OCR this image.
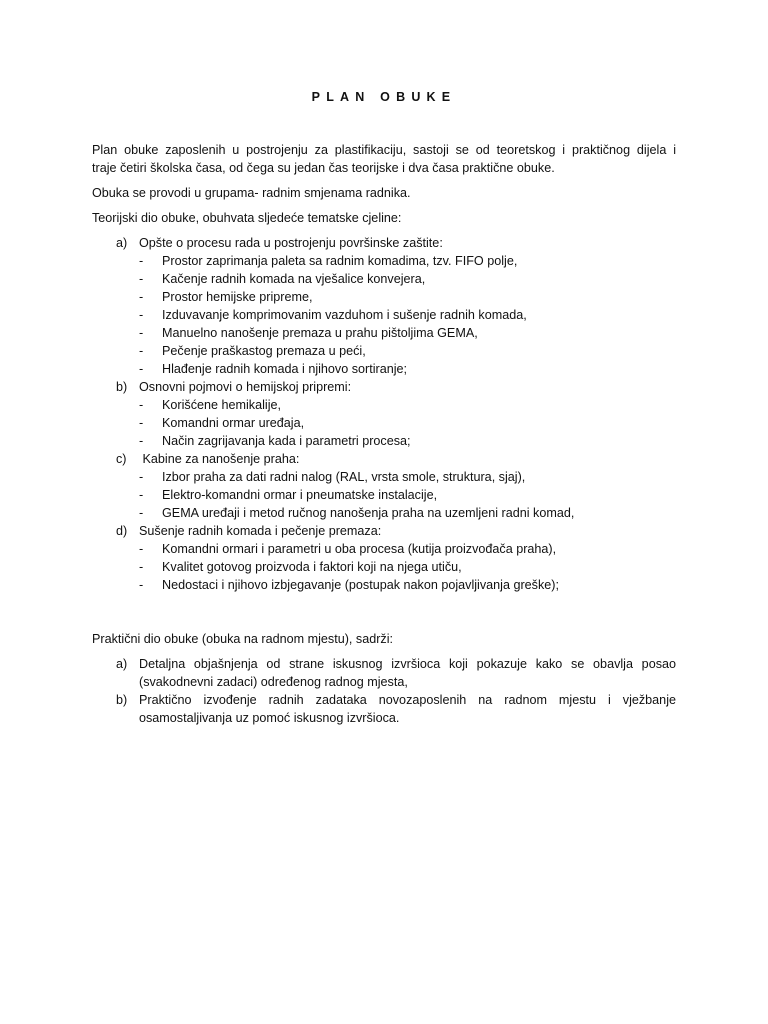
PLAN OBUKE

Plan obuke zaposlenih u postrojenju za plastifikaciju, sastoji se od teoretskog i praktičnog dijela i

traje četiri školska časa, od čega su jedan čas teorijske i dva časa praktične obuke.

Obuka se provodi u grupama- radnim smjenama radnika.

Teorijski dio obuke, obuhvata sljedeće tematske cjeline:

a) Opšte o procesu rada u postrojenju površinske zaštite:
- Prostor zaprimanja paleta sa radnim komadima, tzv. FIFO polje,
- Kačenje radnih komada na vješalice konvejera,
- Prostor hemijske pripreme,
- Izduvavanje komprimovanim vazduhom i sušenje radnih komada,
- Manuelno nanošenje premaza u prahu pištoljima GEMA,
- Pečenje praškastog premaza u peći,
- Hlađenje radnih komada i njihovo sortiranje;
b) Osnovni pojmovi o hemijskoj pripremi:
- Korišćene hemikalije,
- Komandni ormar uređaja,
- Način zagrijavanja kada i parametri procesa;
c) Kabine za nanošenje praha:
- Izbor praha za dati radni nalog (RAL, vrsta smole, struktura, sjaj),
- Elektro-komandni ormar i pneumatske instalacije,
- GEMA uređaji i metod ručnog nanošenja praha na uzemljeni radni komad,
d) Sušenje radnih komada i pečenje premaza:
- Komandni ormari i parametri u oba procesa (kutija proizvođača praha),
- Kvalitet gotovog proizvoda i faktori koji na njega utiču,
- Nedostaci i njihovo izbjegavanje (postupak nakon pojavljivanja greške);

Praktični dio obuke (obuka na radnom mjestu), sadrži:

a) Detaljna objašnjenja od strane iskusnog izvršioca koji pokazuje kako se obavlja posao (svakodnevni zadaci) određenog radnog mjesta,
b) Praktično izvođenje radnih zadataka novozaposlenih na radnom mjestu i vježbanje osamostaljivanja uz pomoć iskusnog izvršioca.
